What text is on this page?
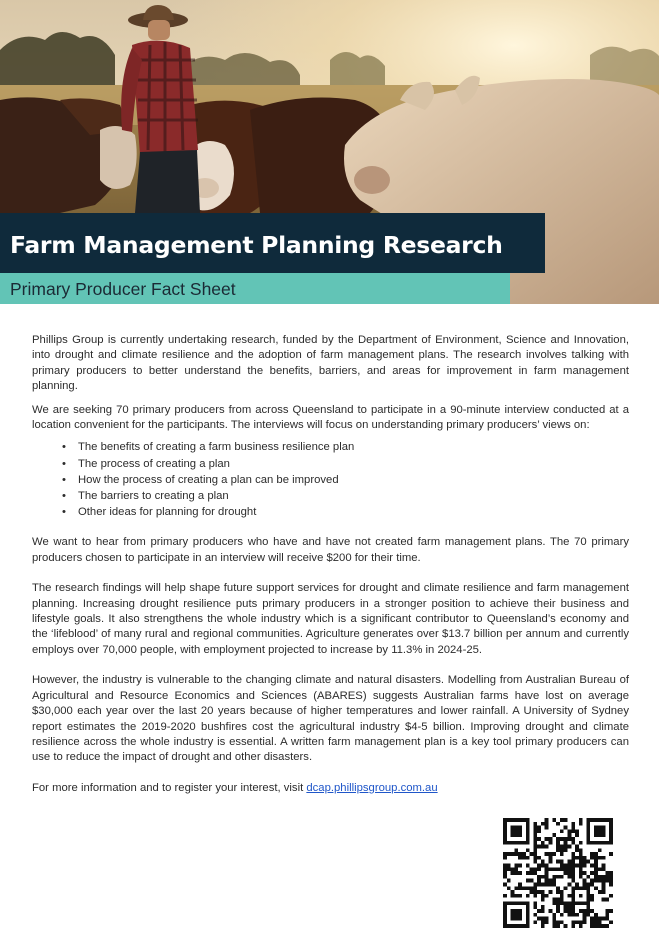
Farm Management Planning Research
Primary Producer Fact Sheet

Phillips Group is currently undertaking research, funded by the Department of Environment, Science and Innovation, into drought and climate resilience and the adoption of farm management plans. The research involves talking with primary producers to better understand the benefits, barriers, and areas for improvement in farm management planning.

We are seeking 70 primary producers from across Queensland to participate in a 90-minute interview conducted at a location convenient for the participants. The interviews will focus on understanding primary producers’ views on:

• The benefits of creating a farm business resilience plan
• The process of creating a plan
• How the process of creating a plan can be improved
• The barriers to creating a plan
• Other ideas for planning for drought

We want to hear from primary producers who have and have not created farm management plans. The 70 primary producers chosen to participate in an interview will receive $200 for their time.

The research findings will help shape future support services for drought and climate resilience and farm management planning. Increasing drought resilience puts primary producers in a stronger position to achieve their business and lifestyle goals. It also strengthens the whole industry which is a significant contributor to Queensland’s economy and the ‘lifeblood’ of many rural and regional communities. Agriculture generates over $13.7 billion per annum and currently employs over 70,000 people, with employment projected to increase by 11.3% in 2024-25.

However, the industry is vulnerable to the changing climate and natural disasters. Modelling from Australian Bureau of Agricultural and Resource Economics and Sciences (ABARES) suggests Australian farms have lost on average $30,000 each year over the last 20 years because of higher temperatures and lower rainfall. A University of Sydney report estimates the 2019-2020 bushfires cost the agricultural industry $4-5 billion. Improving drought and climate resilience across the whole industry is essential. A written farm management plan is a key tool primary producers can use to reduce the impact of drought and other disasters.

For more information and to register your interest, visit dcap.phillipsgroup.com.au
